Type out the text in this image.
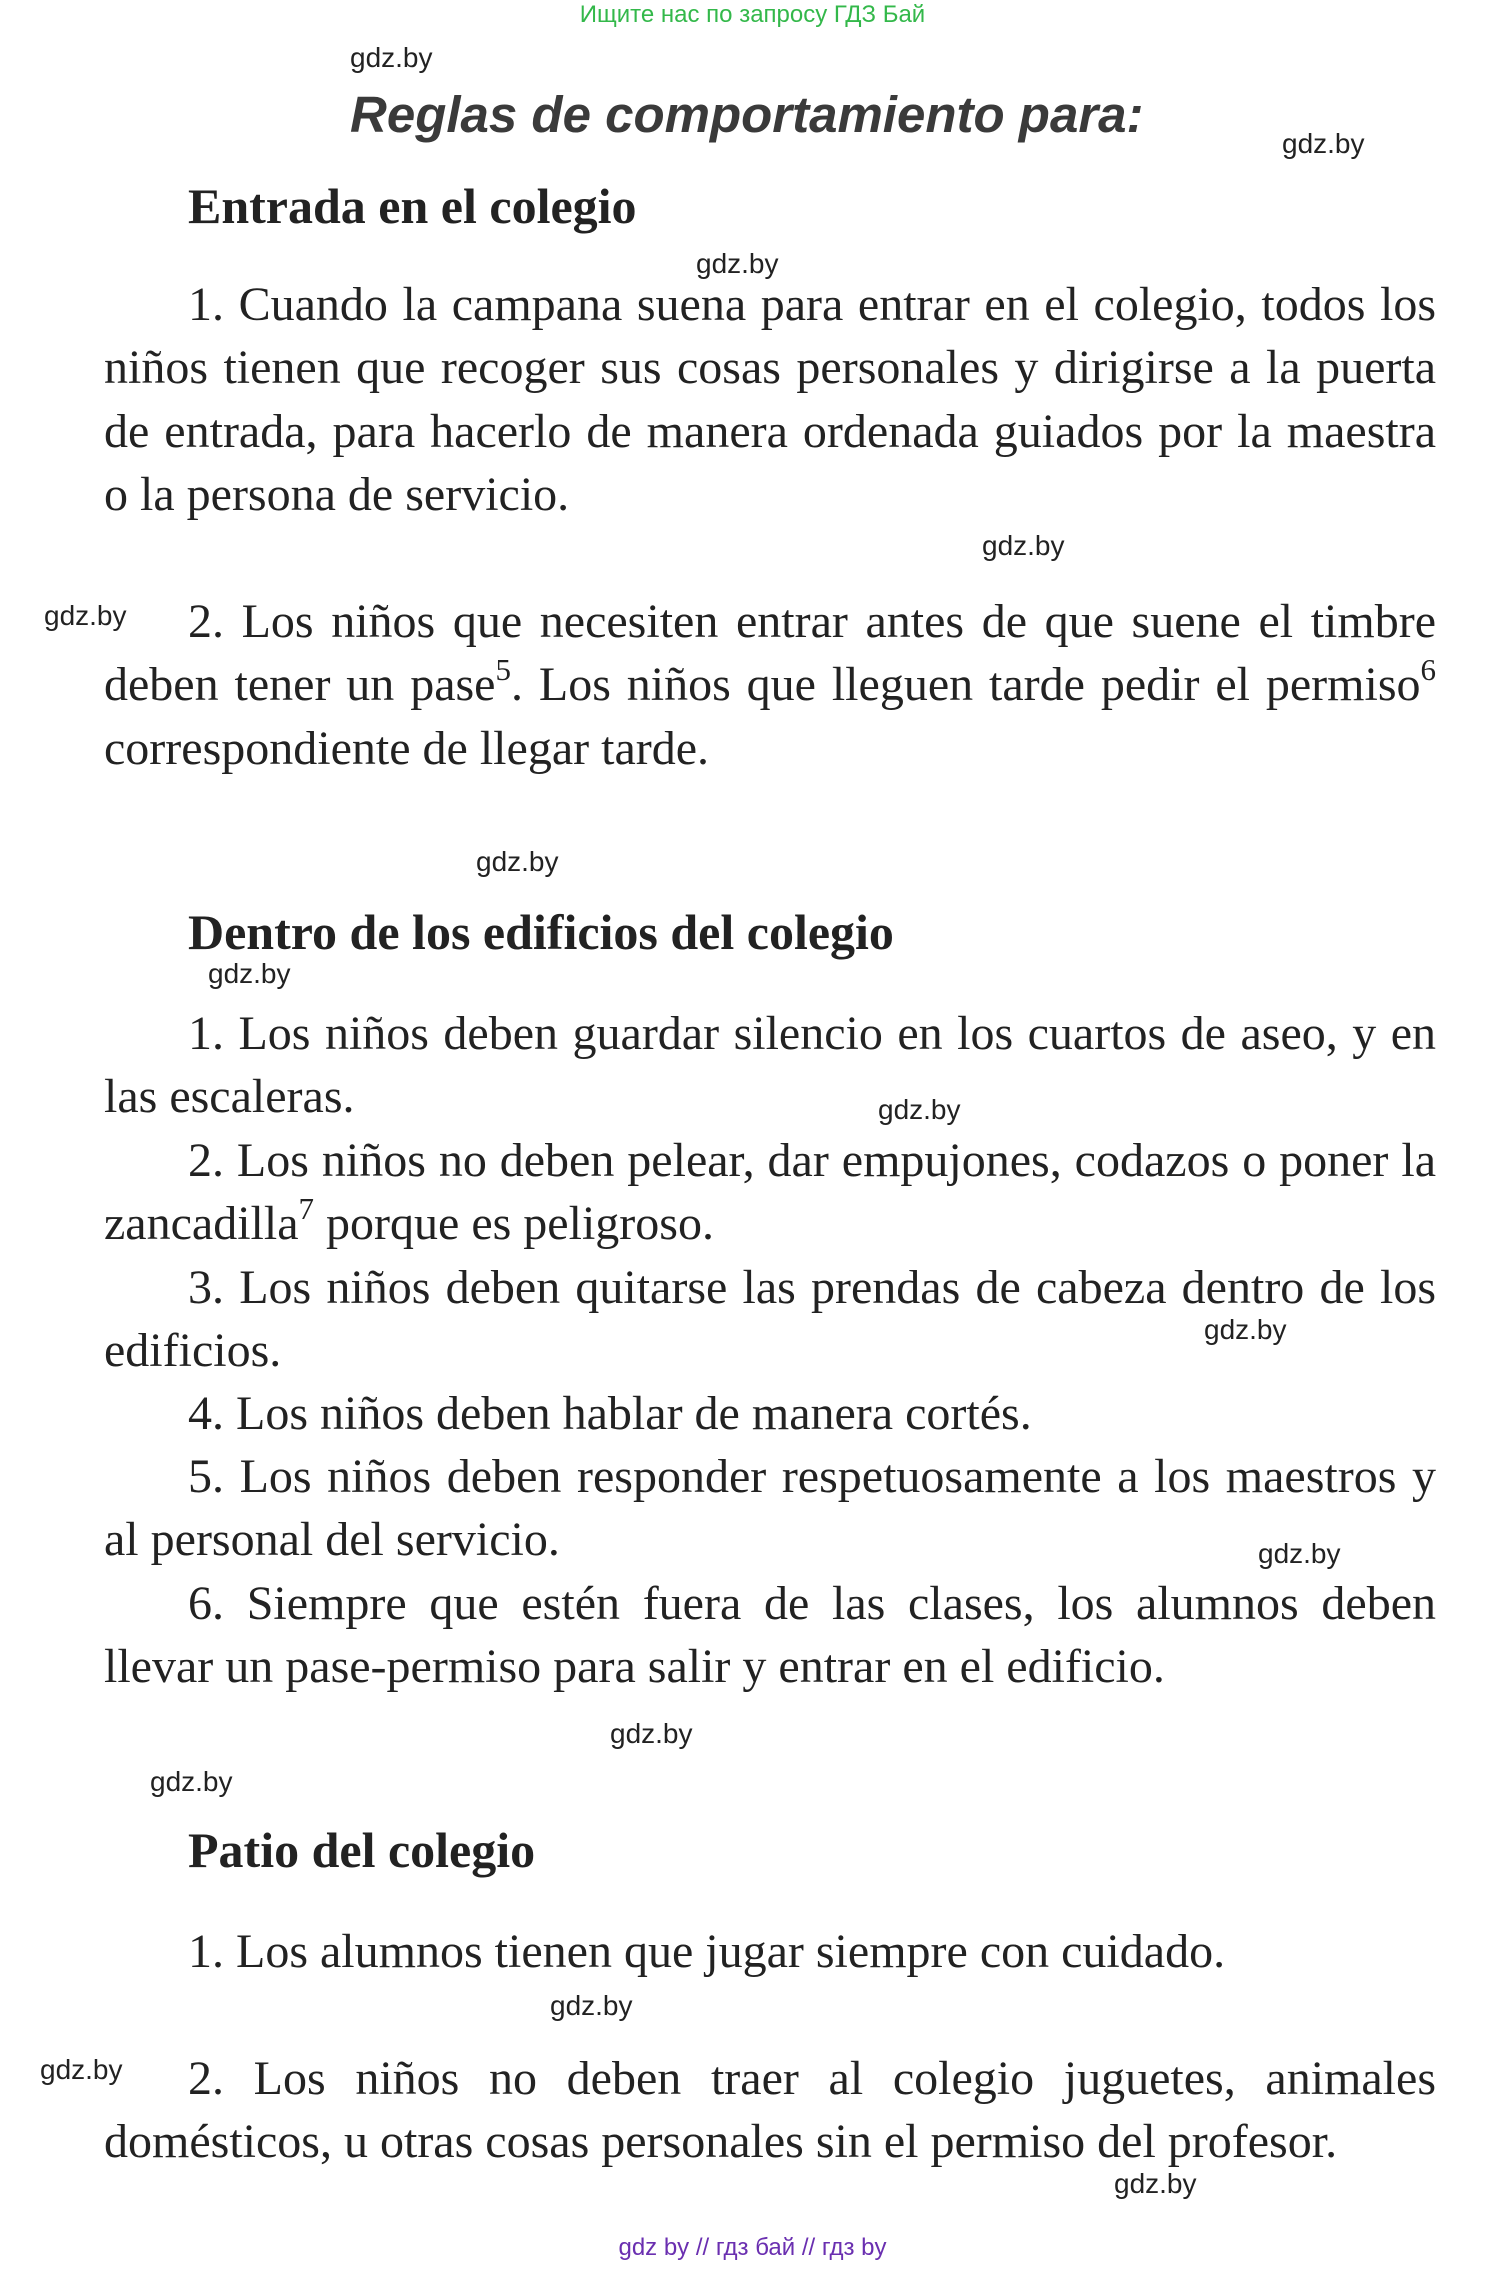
Ищите нас по запросу ГДЗ Бай
gdz.by
gdz.by
gdz.by
gdz.by
gdz.by
gdz.by
gdz.by
gdz.by
gdz.by
gdz.by
gdz.by
gdz.by
gdz.by
gdz.by
gdz.by
Reglas de comportamiento para:
Entrada en el colegio

1. Cuando la campana suena para entrar en el colegio, todos los niños tienen que recoger sus cosas personales y dirigirse a la puerta de entrada, para hacerlo de manera ordenada guiados por la maestra o la persona de servicio.

2. Los niños que necesiten entrar antes de que suene el timbre deben tener un pase$^5$. Los niños que lleguen tarde pedir el permiso$^6$ correspondiente de llegar tarde.

Dentro de los edificios del colegio

1. Los niños deben guardar silencio en los cuartos de aseo, y en las escaleras.

2. Los niños no deben pelear, dar empujones, codazos o poner la zancadilla$^7$ porque es peligroso.

3. Los niños deben quitarse las prendas de cabeza dentro de los edificios.

4. Los niños deben hablar de manera cortés.

5. Los niños deben responder respetuosamente a los maestros y al personal del servicio.

6. Siempre que estén fuera de las clases, los alumnos deben llevar un pase-permiso para salir y entrar en el edificio.

Patio del colegio

1. Los alumnos tienen que jugar siempre con cuidado.

2. Los niños no deben traer al colegio juguetes, animales domésticos, u otras cosas personales sin el permiso del profesor.

gdz by // гдз бай // гдз by
